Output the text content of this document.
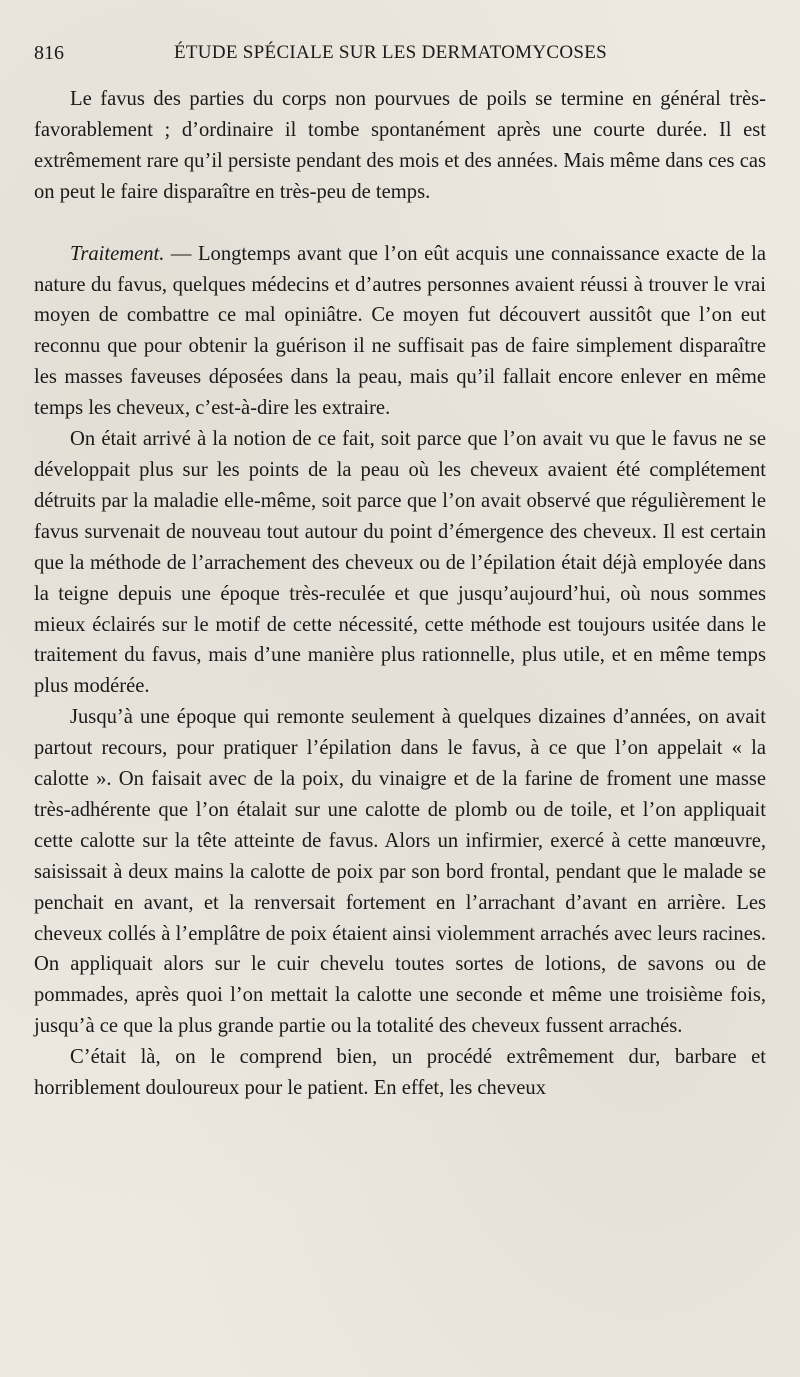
816	ÉTUDE SPÉCIALE SUR LES DERMATOMYCOSES

Le favus des parties du corps non pourvues de poils se termine en général très-favorablement ; d’ordinaire il tombe spontanément après une courte durée. Il est extrêmement rare qu’il persiste pendant des mois et des années. Mais même dans ces cas on peut le faire disparaître en très-peu de temps.

Traitement. — Longtemps avant que l’on eût acquis une connaissance exacte de la nature du favus, quelques médecins et d’autres personnes avaient réussi à trouver le vrai moyen de combattre ce mal opiniâtre. Ce moyen fut découvert aussitôt que l’on eut reconnu que pour obtenir la guérison il ne suffisait pas de faire simplement disparaître les masses faveuses déposées dans la peau, mais qu’il fallait encore enlever en même temps les cheveux, c’est-à-dire les extraire.

On était arrivé à la notion de ce fait, soit parce que l’on avait vu que le favus ne se développait plus sur les points de la peau où les cheveux avaient été complétement détruits par la maladie elle-même, soit parce que l’on avait observé que régulièrement le favus survenait de nouveau tout autour du point d’émergence des cheveux. Il est certain que la méthode de l’arrachement des cheveux ou de l’épilation était déjà employée dans la teigne depuis une époque très-reculée et que jusqu’aujourd’hui, où nous sommes mieux éclairés sur le motif de cette nécessité, cette méthode est toujours usitée dans le traitement du favus, mais d’une manière plus rationnelle, plus utile, et en même temps plus modérée.

Jusqu’à une époque qui remonte seulement à quelques dizaines d’années, on avait partout recours, pour pratiquer l’épilation dans le favus, à ce que l’on appelait « la calotte ». On faisait avec de la poix, du vinaigre et de la farine de froment une masse très-adhérente que l’on étalait sur une calotte de plomb ou de toile, et l’on appliquait cette calotte sur la tête atteinte de favus. Alors un infirmier, exercé à cette manœuvre, saisissait à deux mains la calotte de poix par son bord frontal, pendant que le malade se penchait en avant, et la renversait fortement en l’arrachant d’avant en arrière. Les cheveux collés à l’emplâtre de poix étaient ainsi violemment arrachés avec leurs racines. On appliquait alors sur le cuir chevelu toutes sortes de lotions, de savons ou de pommades, après quoi l’on mettait la calotte une seconde et même une troisième fois, jusqu’à ce que la plus grande partie ou la totalité des cheveux fussent arrachés.

C’était là, on le comprend bien, un procédé extrêmement dur, barbare et horriblement douloureux pour le patient. En effet, les cheveux
